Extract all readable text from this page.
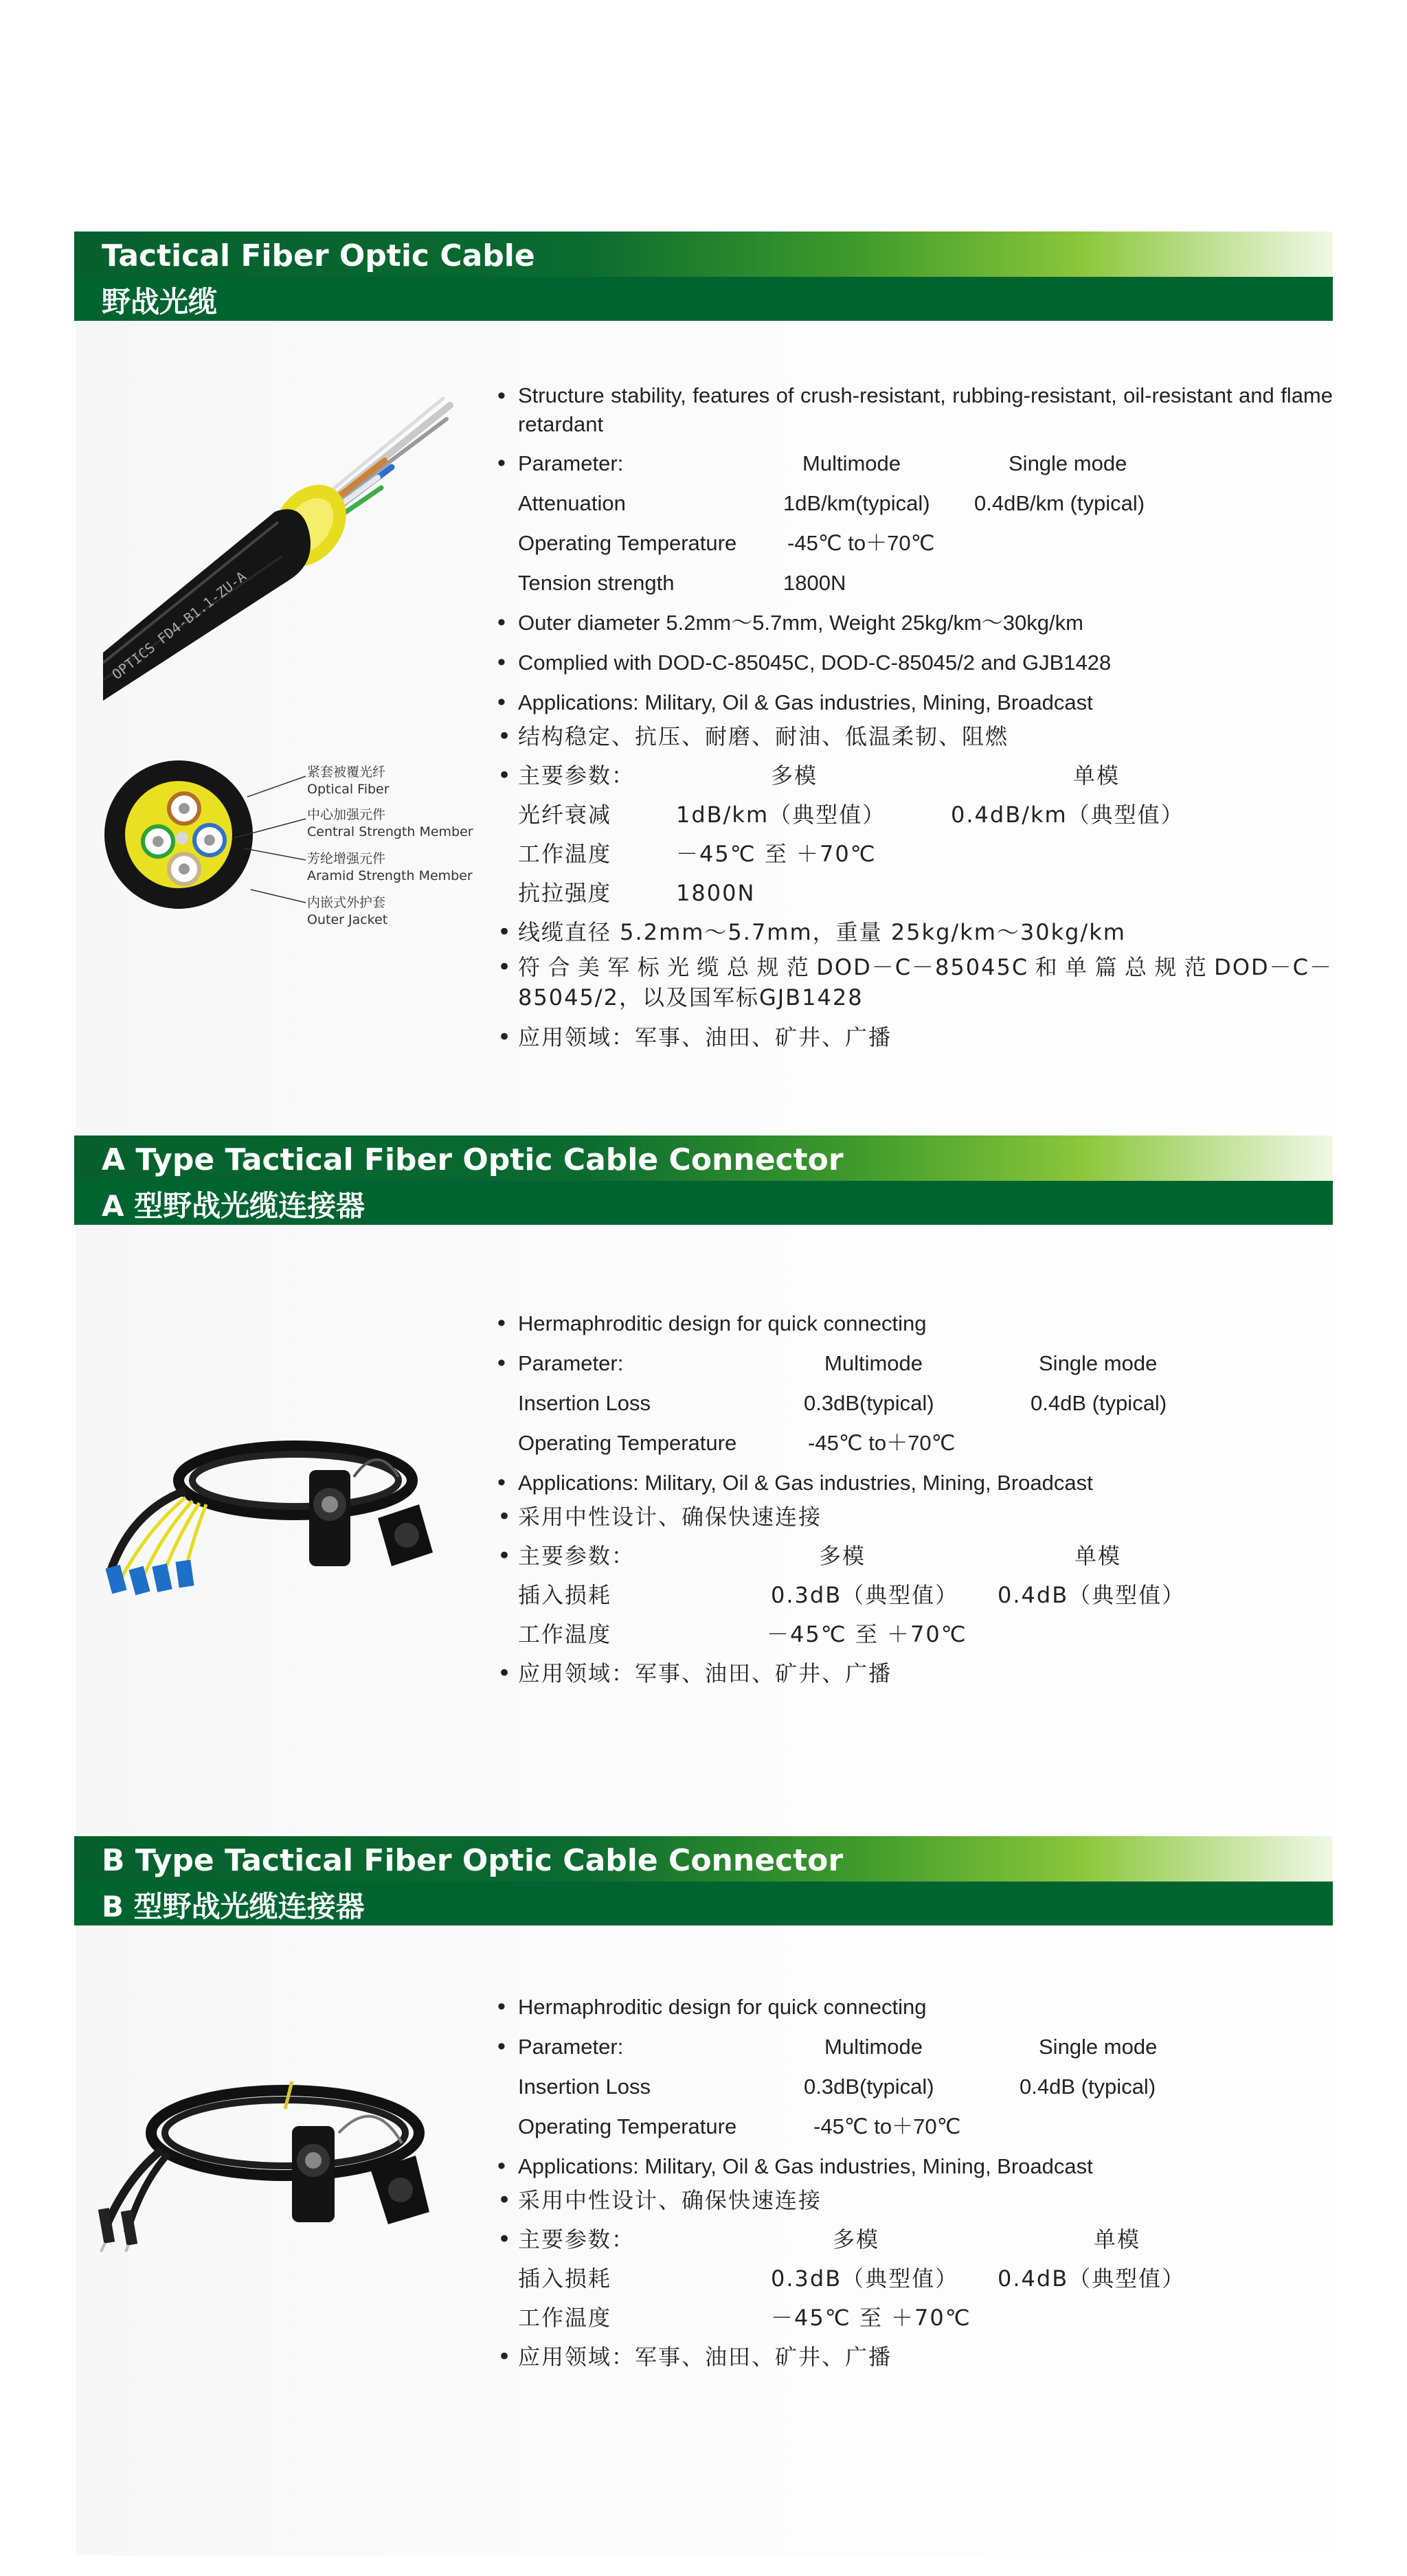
Tactical Fiber Optic Cable
野战光缆
OPTICS FD4-B1.1-ZU-A
紧套被覆光纤
Optical Fiber
中心加强元件
Central Strength Member
芳纶增强元件
Aramid Strength Member
内嵌式外护套
Outer Jacket
• Structure stability, features of crush-resistant, rubbing-resistant, oil-resistant and flame retardant
• Parameter:	Multimode	Single mode
Attenuation	1dB/km(typical) 0.4dB/km (typical)
Operating Temperature -45℃ to＋70℃
Tension strength	1800N
• Outer diameter 5.2mm～5.7mm, Weight 25kg/km～30kg/km
• Complied with DOD-C-85045C, DOD-C-85045/2 and GJB1428
• Applications: Military, Oil & Gas industries, Mining, Broadcast
• 结构稳定、抗压、耐磨、耐油、低温柔韧、阻燃
• 主要参数：	多模	单模
光纤衰减	1dB/km（典型值）	0.4dB/km（典型值）
工作温度	－45℃ 至 ＋70℃
抗拉强度	1800N
• 线缆直径 5.2mm～5.7mm，重量 25kg/km～30kg/km
• 符合美军标光缆总规范DOD－C－85045C和单篇总规范DOD－C－85045/2，以及国军标GJB1428
• 应用领域：军事、油田、矿井、广播
A Type Tactical Fiber Optic Cable Connector
A 型野战光缆连接器
• Hermaphroditic design for quick connecting
• Parameter:	Multimode	Single mode
Insertion Loss	0.3dB(typical)	0.4dB (typical)
Operating Temperature	-45℃ to＋70℃
• Applications: Military, Oil & Gas industries, Mining, Broadcast
• 采用中性设计、确保快速连接
• 主要参数：	多模	单模
插入损耗	0.3dB（典型值） 0.4dB（典型值）
工作温度	－45℃ 至 ＋70℃
• 应用领域：军事、油田、矿井、广播
B Type Tactical Fiber Optic Cable Connector
B 型野战光缆连接器
• Hermaphroditic design for quick connecting
• Parameter:	Multimode	Single mode
Insertion Loss	0.3dB(typical)	0.4dB (typical)
Operating Temperature	-45℃ to＋70℃
• Applications: Military, Oil & Gas industries, Mining, Broadcast
• 采用中性设计、确保快速连接
• 主要参数：	多模	单模
插入损耗	0.3dB（典型值） 0.4dB（典型值）
工作温度	－45℃ 至 ＋70℃
• 应用领域：军事、油田、矿井、广播
